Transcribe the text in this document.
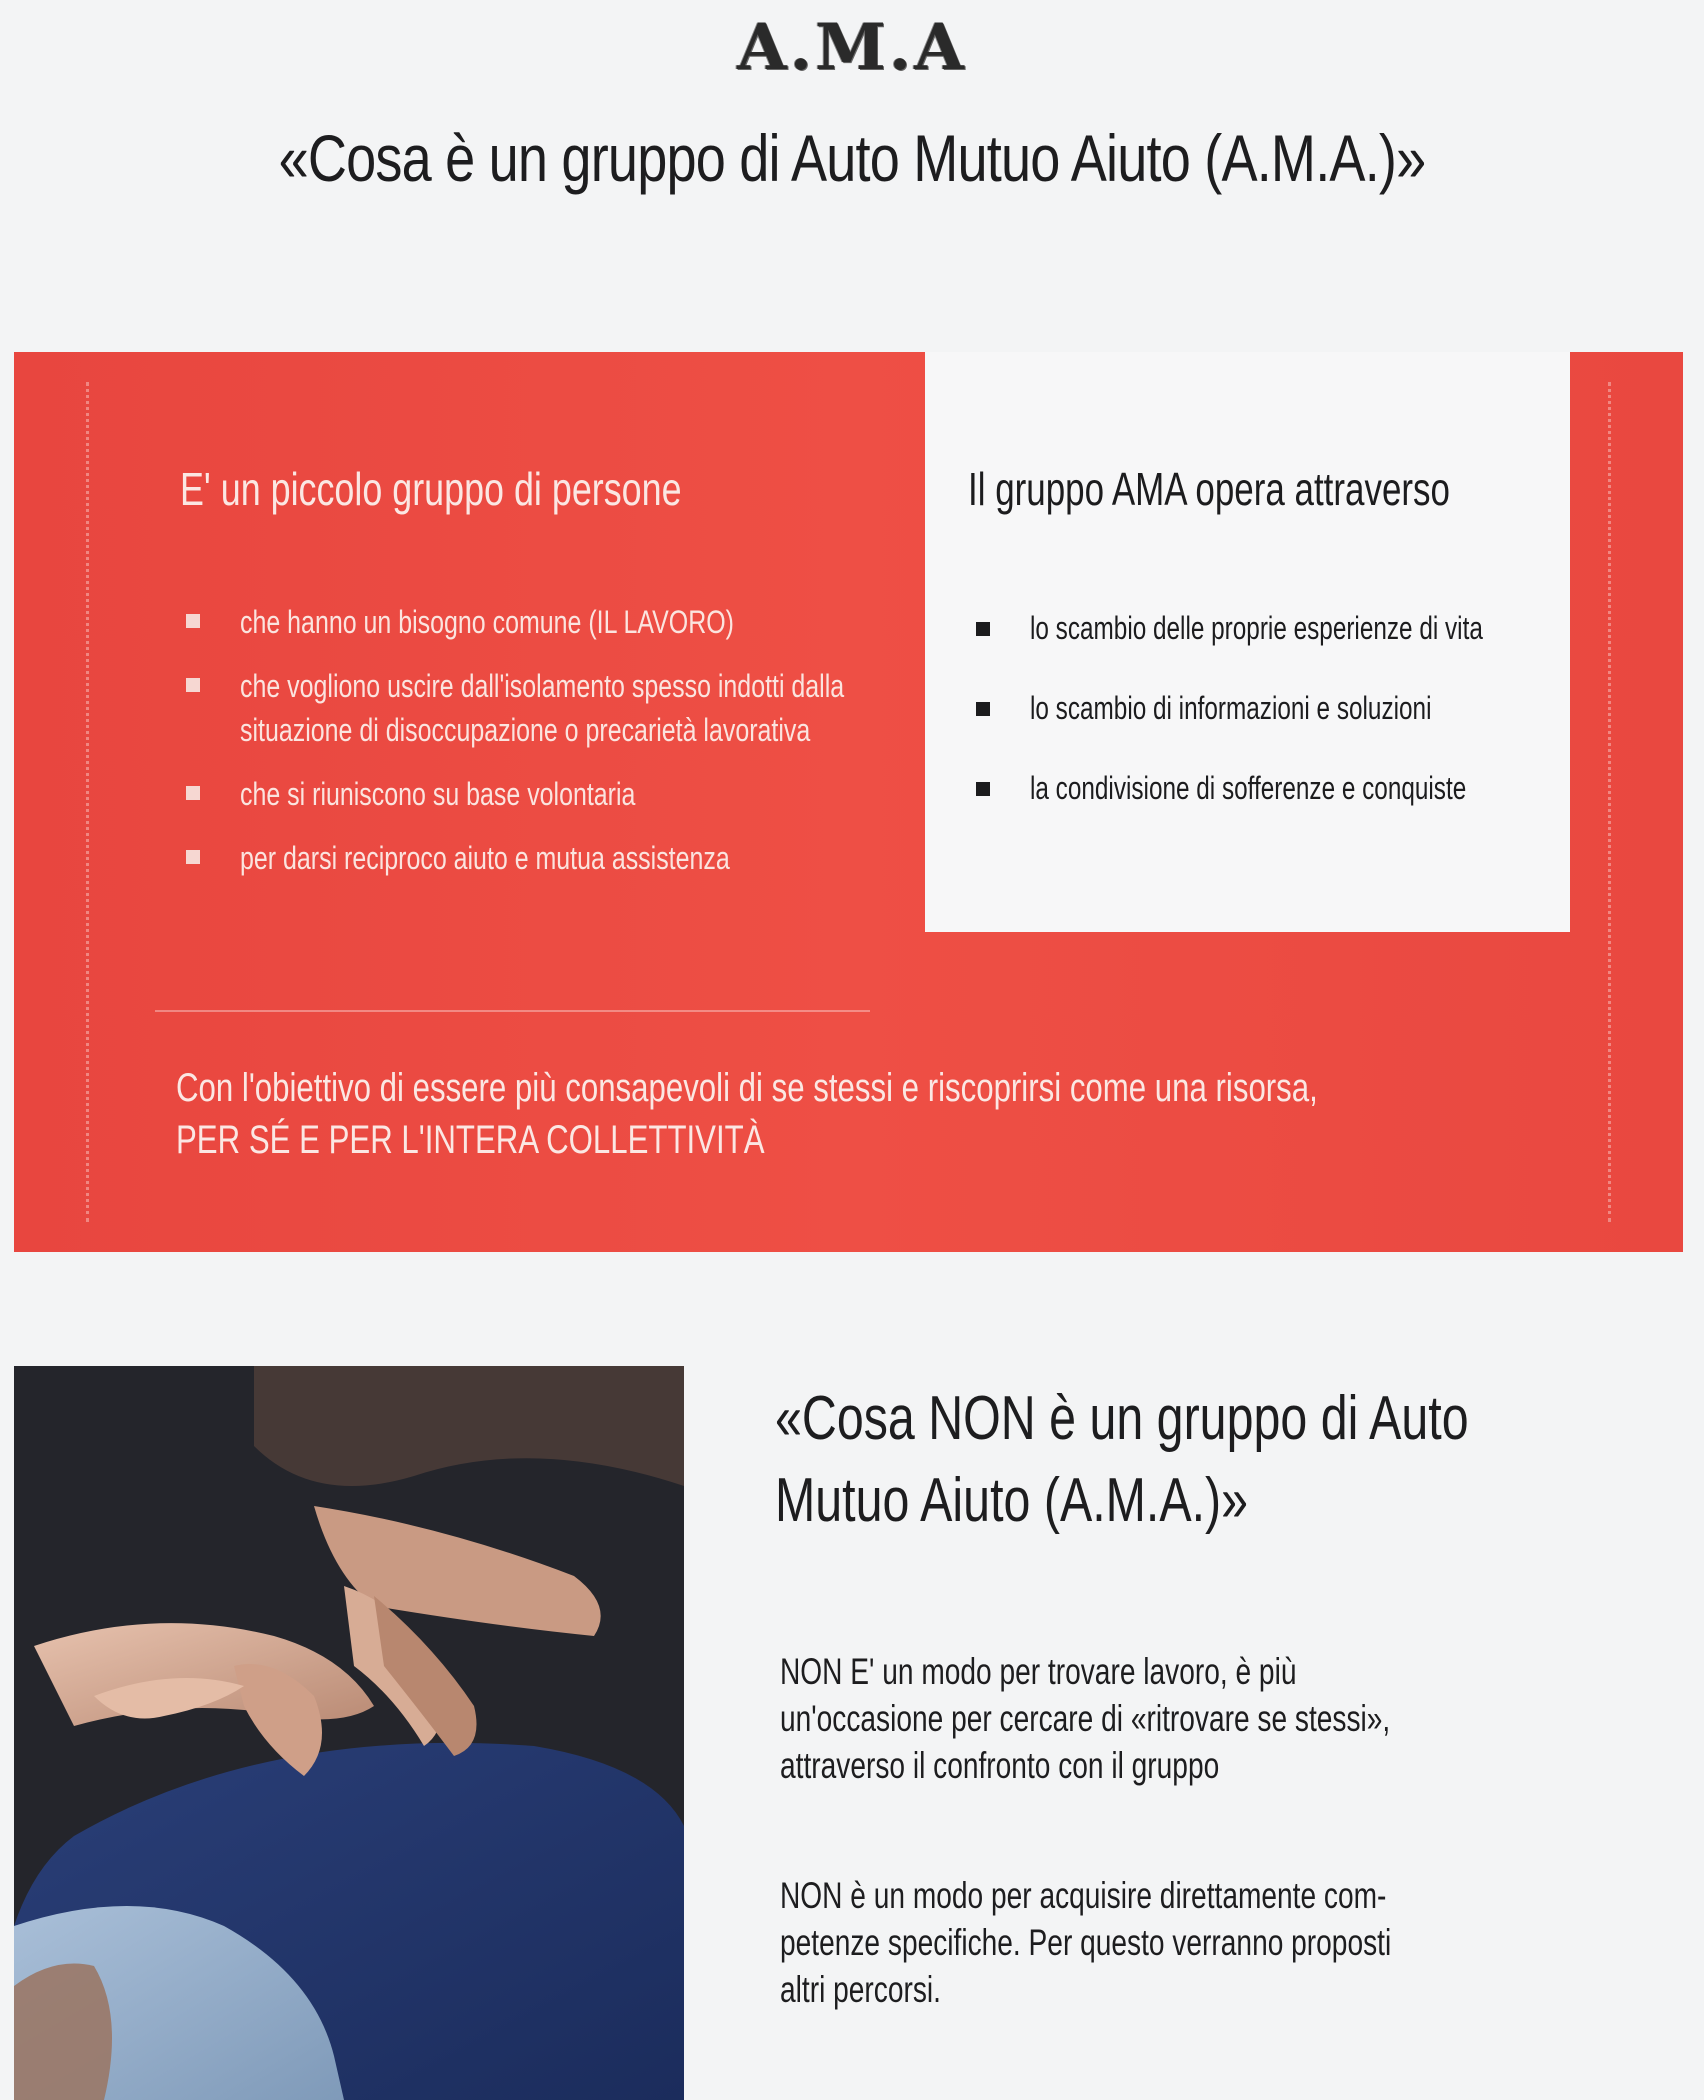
A.M.A
«Cosa è un gruppo di Auto Mutuo Aiuto (A.M.A.)»
E' un piccolo gruppo di persone
che hanno un bisogno comune (IL LAVORO)
che vogliono uscire dall'isolamento spesso indotti dalla situazione di disoccupazione o precarietà lavorativa
che si riuniscono su base volontaria
per darsi reciproco aiuto e mutua assistenza
Il gruppo AMA opera attraverso
lo scambio delle proprie esperienze di vita
lo scambio di informazioni e soluzioni
la condivisione di sofferenze e conquiste
Con l'obiettivo di essere più consapevoli di se stessi e riscoprirsi come una risorsa,
PER SÉ E PER L'INTERA COLLETTIVITÀ
«Cosa NON è un gruppo di Auto
Mutuo Aiuto (A.M.A.)»
NON E' un modo per trovare lavoro, è più
un'occasione per cercare di «ritrovare se stessi»,
attraverso il confronto con il gruppo
NON è un modo per acquisire direttamente com-
petenze specifiche. Per questo verranno proposti
altri percorsi.
